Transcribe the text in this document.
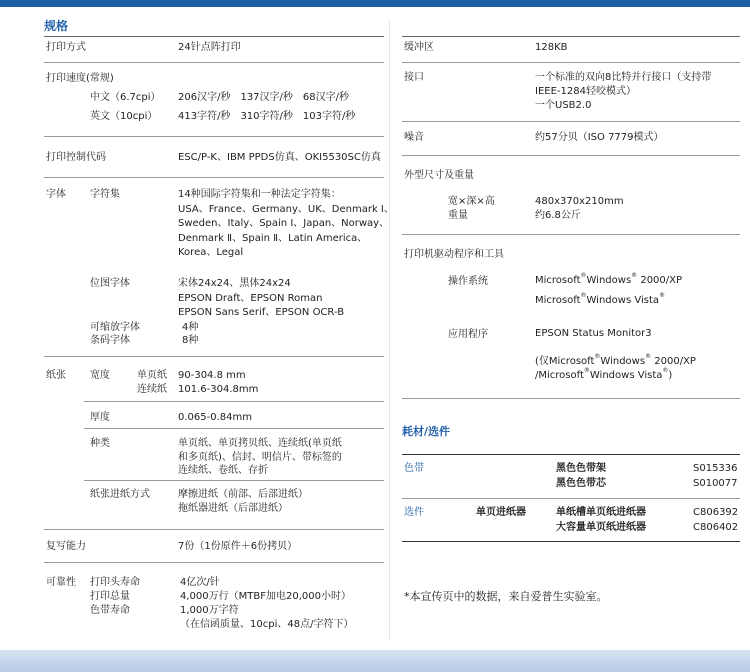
规格
打印方式	24针点阵打印
打印速度(常规)
中文（6.7cpi） 206汉字/秒　137汉字/秒　68汉字/秒
英文（10cpi） 413字符/秒　310字符/秒　103字符/秒
打印控制代码	ESC/P-K、IBM PPDS仿真、OKI5530SC仿真
字体 字符集	14种国际字符集和一种法定字符集：
USA、France、Germany、UK、Denmark Ⅰ、
Sweden、Italy、Spain Ⅰ、Japan、Norway、
Denmark Ⅱ、Spain Ⅱ、Latin America、
Korea、Legal
位图字体	宋体24x24、黑体24x24
EPSON Draft、EPSON Roman
EPSON Sans Serif、EPSON OCR-B
可缩放字体	4种
条码字体	8种
纸张 宽度	单页纸 90-304.8 mm
连续纸 101.6-304.8mm
厚度	0.065-0.84mm
种类	单页纸、单页拷贝纸、连续纸(单页纸
和多页纸)、信封、明信片、带标签的
连续纸、卷纸、存折
纸张进纸方式	摩擦进纸（前部、后部进纸）
拖纸器进纸（后部进纸）
复写能力	7份（1份原件＋6份拷贝）
可靠性 打印头寿命	4亿次/针
打印总量	4,000万行（MTBF加电20,000小时）
色带寿命	1,000万字符
（在信函质量、10cpi、48点/字符下）
缓冲区	128KB
接口	一个标准的双向8比特并行接口（支持带
IEEE-1284轻咬模式）
一个USB2.0
噪音	约57分贝（ISO 7779模式）
外型尺寸及重量
宽×深×高	480x370x210mm
重量	约6.8公斤
打印机驱动程序和工具
操作系统	Microsoft®Windows® 2000/XP
Microsoft®Windows Vista®
应用程序	EPSON Status Monitor3
(仅Microsoft®Windows® 2000/XP
/Microsoft®Windows Vista®)
耗材/选件
色带	黑色色带架	S015336
黑色色带芯	S010077
选件	单页进纸器	单纸槽单页纸进纸器	C806392
大容量单页纸进纸器	C806402
*本宣传页中的数据，来自爱普生实验室。
